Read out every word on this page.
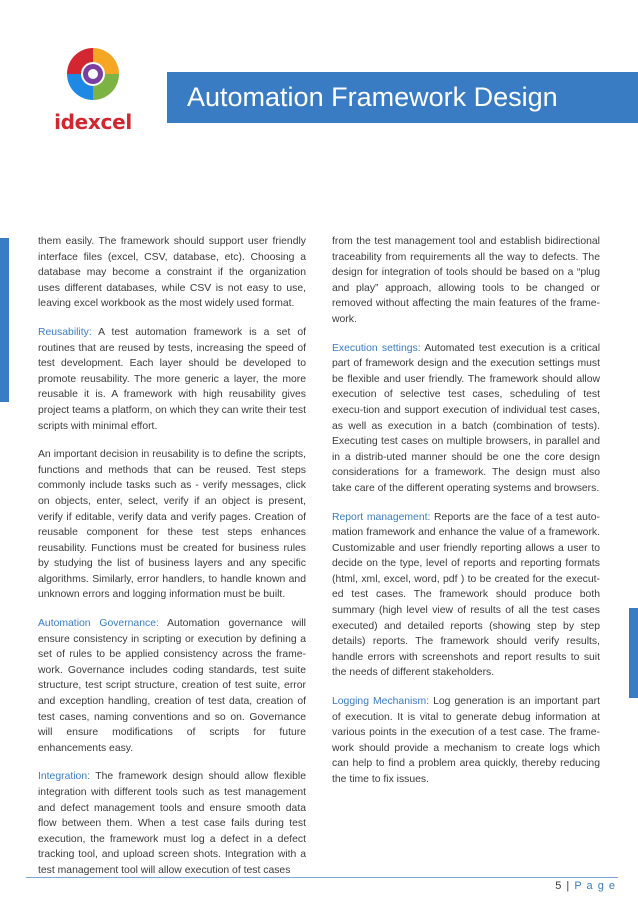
idexcel
Automation Framework Design

them easily. The framework should support user friendly interface files (excel, CSV, database, etc). Choosing a database may become a constraint if the organization uses different databases, while CSV is not easy to use, leaving excel workbook as the most widely used format.

Reusability: A test automation framework is a set of routines that are reused by tests, increasing the speed of test development. Each layer should be developed to promote reusability. The more generic a layer, the more reusable it is. A framework with high reusability gives project teams a platform, on which they can write their test scripts with minimal effort.

An important decision in reusability is to define the scripts, functions and methods that can be reused. Test steps commonly include tasks such as - verify messages, click on objects, enter, select, verify if an object is present, verify if editable, verify data and verify pages. Creation of reusable component for these test steps enhances reusability. Functions must be created for business rules by studying the list of business layers and any specific algorithms. Similarly, error handlers, to handle known and unknown errors and logging information must be built.

Automation Governance: Automation governance will ensure consistency in scripting or execution by defining a set of rules to be applied consistency across the frame-work. Governance includes coding standards, test suite structure, test script structure, creation of test suite, error and exception handling, creation of test data, creation of test cases, naming conventions and so on. Governance will ensure modifications of scripts for future enhancements easy.

Integration: The framework design should allow flexible integration with different tools such as test management and defect management tools and ensure smooth data flow between them. When a test case fails during test execution, the framework must log a defect in a defect tracking tool, and upload screen shots. Integration with a test management tool will allow execution of test cases

from the test management tool and establish bidirectional traceability from requirements all the way to defects. The design for integration of tools should be based on a “plug and play” approach, allowing tools to be changed or removed without affecting the main features of the frame-work.

Execution settings: Automated test execution is a critical part of framework design and the execution settings must be flexible and user friendly. The framework should allow execution of selective test cases, scheduling of test execu-tion and support execution of individual test cases, as well as execution in a batch (combination of tests). Executing test cases on multiple browsers, in parallel and in a distrib-uted manner should be one the core design considerations for a framework. The design must also take care of the different operating systems and browsers.

Report management: Reports are the face of a test auto-mation framework and enhance the value of a framework. Customizable and user friendly reporting allows a user to decide on the type, level of reports and reporting formats (html, xml, excel, word, pdf ) to be created for the execut-ed test cases. The framework should produce both summary (high level view of results of all the test cases executed) and detailed reports (showing step by step details) reports. The framework should verify results, handle errors with screenshots and report results to suit the needs of different stakeholders.

Logging Mechanism: Log generation is an important part of execution. It is vital to generate debug information at various points in the execution of a test case. The frame-work should provide a mechanism to create logs which can help to find a problem area quickly, thereby reducing the time to fix issues.

5 | P a g e
